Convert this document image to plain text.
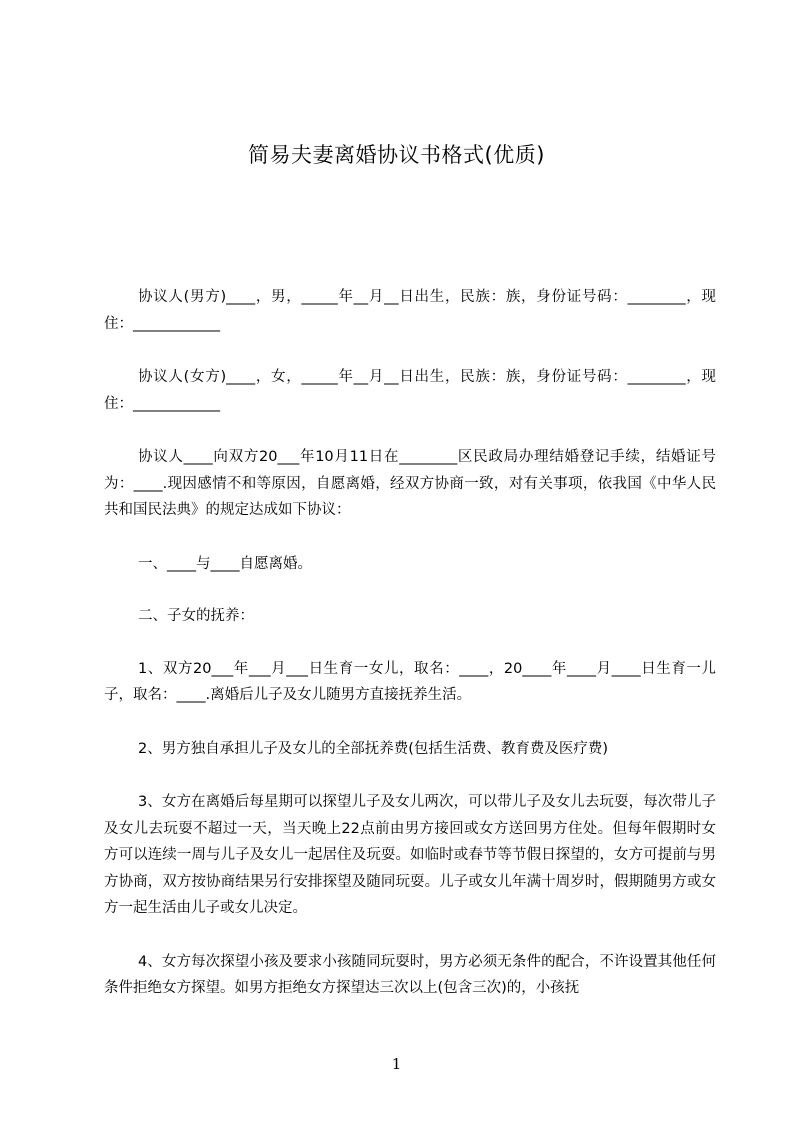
简易夫妻离婚协议书格式(优质)

协议人(男方)____，男，_____年__月__日出生，民族：族，身份证号码：________，现住：____________

协议人(女方)____，女，_____年__月__日出生，民族：族，身份证号码：________，现住：____________

协议人____向双方20___年10月11日在________区民政局办理结婚登记手续，结婚证号为：____.现因感情不和等原因，自愿离婚，经双方协商一致，对有关事项，依我国《中华人民共和国民法典》的规定达成如下协议：

一、____与____自愿离婚。

二、子女的抚养：

1、双方20___年___月___日生育一女儿，取名：____，20____年____月____日生育一儿子，取名：____.离婚后儿子及女儿随男方直接抚养生活。

2、男方独自承担儿子及女儿的全部抚养费(包括生活费、教育费及医疗费)

3、女方在离婚后每星期可以探望儿子及女儿两次，可以带儿子及女儿去玩耍，每次带儿子及女儿去玩耍不超过一天，当天晚上22点前由男方接回或女方送回男方住处。但每年假期时女方可以连续一周与儿子及女儿一起居住及玩耍。如临时或春节等节假日探望的，女方可提前与男方协商，双方按协商结果另行安排探望及随同玩耍。儿子或女儿年满十周岁时，假期随男方或女方一起生活由儿子或女儿决定。

4、女方每次探望小孩及要求小孩随同玩耍时，男方必须无条件的配合，不许设置其他任何条件拒绝女方探望。如男方拒绝女方探望达三次以上(包含三次)的，小孩抚

1
